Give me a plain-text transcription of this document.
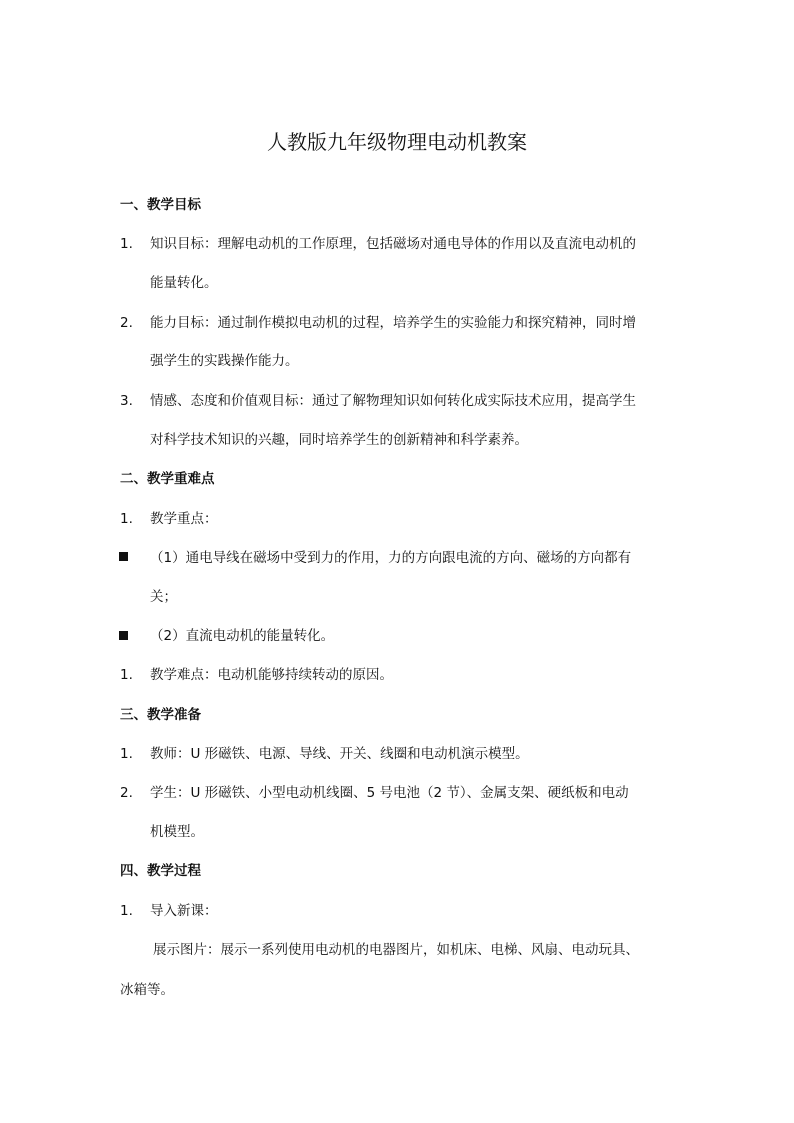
人教版九年级物理电动机教案
一、教学目标
1. 知识目标：理解电动机的工作原理，包括磁场对通电导体的作用以及直流电动机的
能量转化。
2. 能力目标：通过制作模拟电动机的过程，培养学生的实验能力和探究精神，同时增
强学生的实践操作能力。
3. 情感、态度和价值观目标：通过了解物理知识如何转化成实际技术应用，提高学生
对科学技术知识的兴趣，同时培养学生的创新精神和科学素养。
二、教学重难点
1. 教学重点：
（1）通电导线在磁场中受到力的作用，力的方向跟电流的方向、磁场的方向都有
关；
（2）直流电动机的能量转化。
1. 教学难点：电动机能够持续转动的原因。
三、教学准备
1. 教师：U 形磁铁、电源、导线、开关、线圈和电动机演示模型。
2. 学生：U 形磁铁、小型电动机线圈、5 号电池（2 节）、金属支架、硬纸板和电动
机模型。
四、教学过程
1. 导入新课：
展示图片：展示一系列使用电动机的电器图片，如机床、电梯、风扇、电动玩具、
冰箱等。
